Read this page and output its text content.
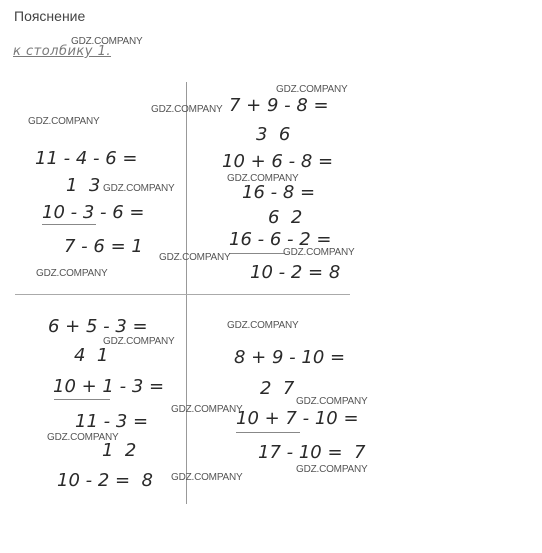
Пояснение
к столбику 1.
11 - 4 - 6 =
1  3
10 - 3 - 6 =
7 - 6 = 1
7 + 9 - 8 =
3  6
10 + 6 - 8 =
16 - 8 =
6  2
16 - 6 - 2 =
10 - 2 = 8
6 + 5 - 3 =
4  1
10 + 1 - 3 =
11 - 3 =
1  2
10 - 2 =  8
8 + 9 - 10 =
2  7
10 + 7 - 10 =
17 - 10 =  7
GDZ.COMPANY
GDZ.COMPANY
GDZ.COMPANY
GDZ.COMPANY
GDZ.COMPANY
GDZ.COMPANY
GDZ.COMPANY
GDZ.COMPANY
GDZ.COMPANY
GDZ.COMPANY
GDZ.COMPANY
GDZ.COMPANY
GDZ.COMPANY
GDZ.COMPANY
GDZ.COMPANY
GDZ.COMPANY
